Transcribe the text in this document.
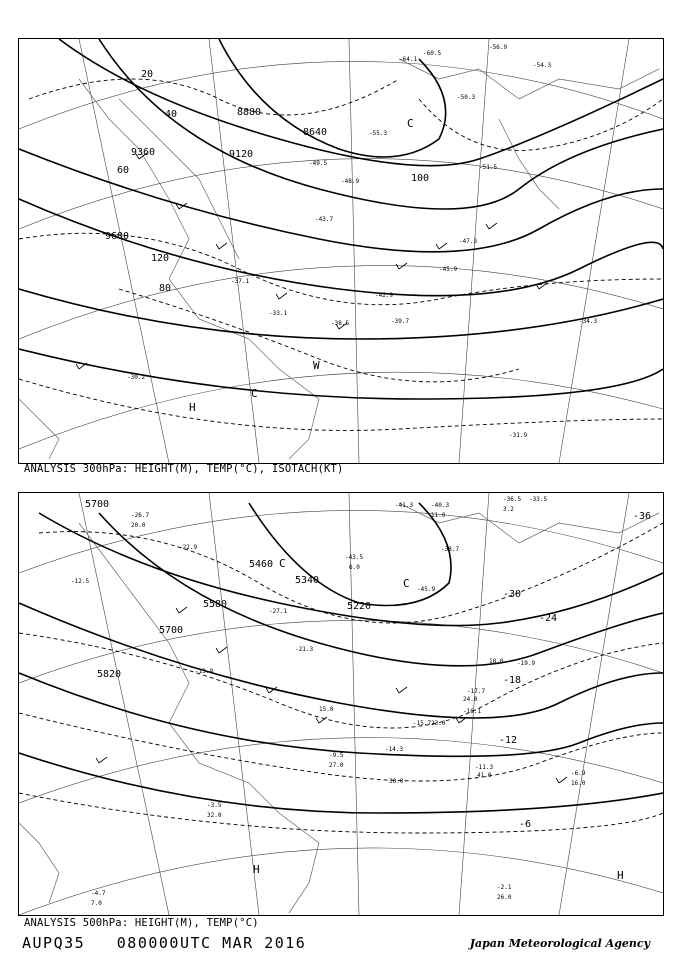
8880
8640
9360	9120
9600
20
40
60
80
100
120
H
C
W
C
-64.1
-60.5
-56.9
-54.3
-51.5
-48.9
-45.9
-42.9
-39.7
-38.5	-34.3
-31.9
-30.2
-33.1
-47.3
-50.3
-43.7
-37.1
-55.3
-49.5
ANALYSIS 300hPa: HEIGHT(M), TEMP(°C), ISOTACH(KT)
5700
5460
5340
5220
5580
5700
5820
-36
-30
-24
-18
-12
-6
C
C
H	H
-40.3
-36.5 -33.5
-43.5
-45.9
-41.3
-38.7
-27.1
-21.3
-19.9
-17.7
-16.1
-14.3
-11.3
-9.5
-6.9
-3.5
-2.1
-4.7
-13.9
-15.7
-22.9
-12.5
-26.7
3.2
11.0
18.0
6.0
15.0
23.0
24.0
30.0
41.0
16.0
26.0
27.0
32.0
7.0
20.0
ANALYSIS 500hPa: HEIGHT(M), TEMP(°C)
AUPQ35 080000UTC MAR 2016	Japan Meteorological Agency
